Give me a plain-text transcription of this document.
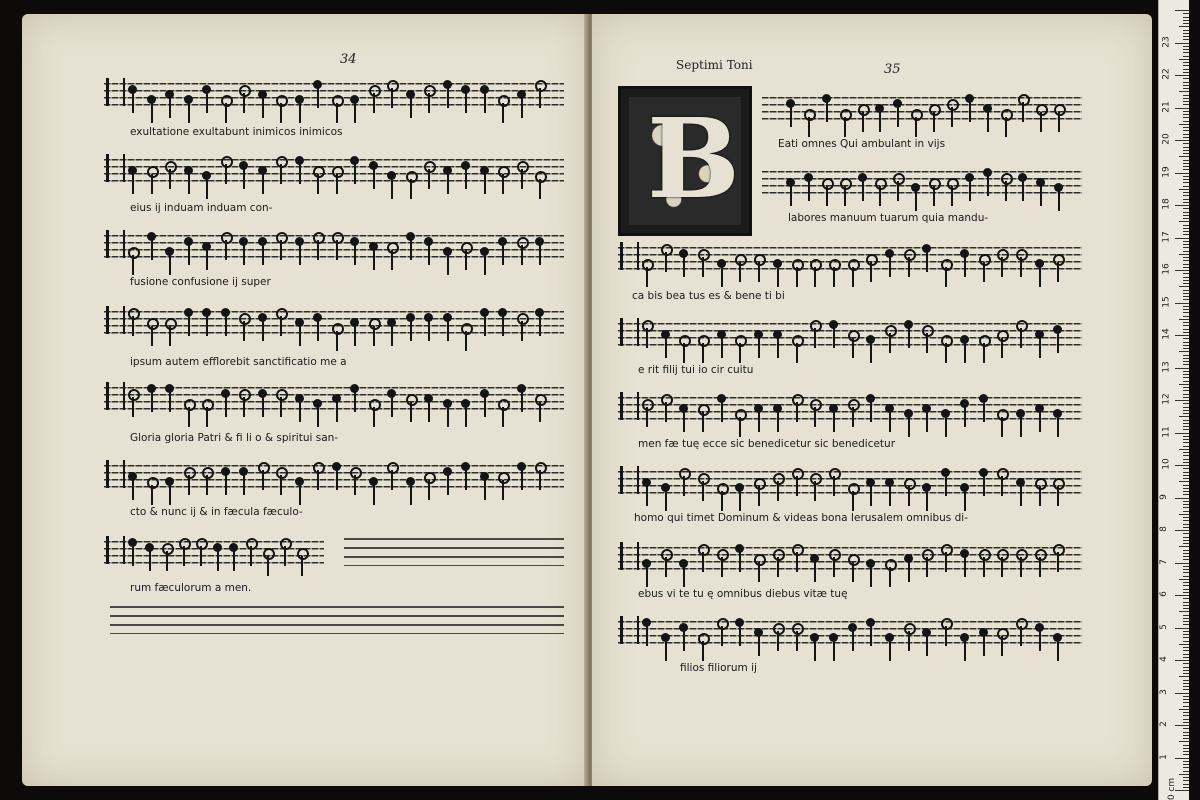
34
exultatione exultabunt inimicos inimicos
eius ij induam induam con-
fusione confusione ij super
ipsum autem efflorebit sanctificatio me a
Gloria gloria Patri & fi li o & spiritui san-
cto & nunc ij & in fæcula fæculo-
rum fæculorum a men.
Septimi Toni	35
B	Eati omnes Qui ambulant in vijs
labores manuum tuarum quia mandu-
ca bis bea tus es & bene ti bi
e rit filij tui io cir cuitu
men fæ tuę ecce sic benedicetur sic benedicetur
homo qui timet Dominum & videas bona Ierusalem omnibus di-
ebus vi te tu ę omnibus diebus vitæ tuę
filios filiorum ij
23
22
21
20
19
18
17
16
15
14
13
12
11
10
9
8
7
6
5
4
3
2
1
0 cm
